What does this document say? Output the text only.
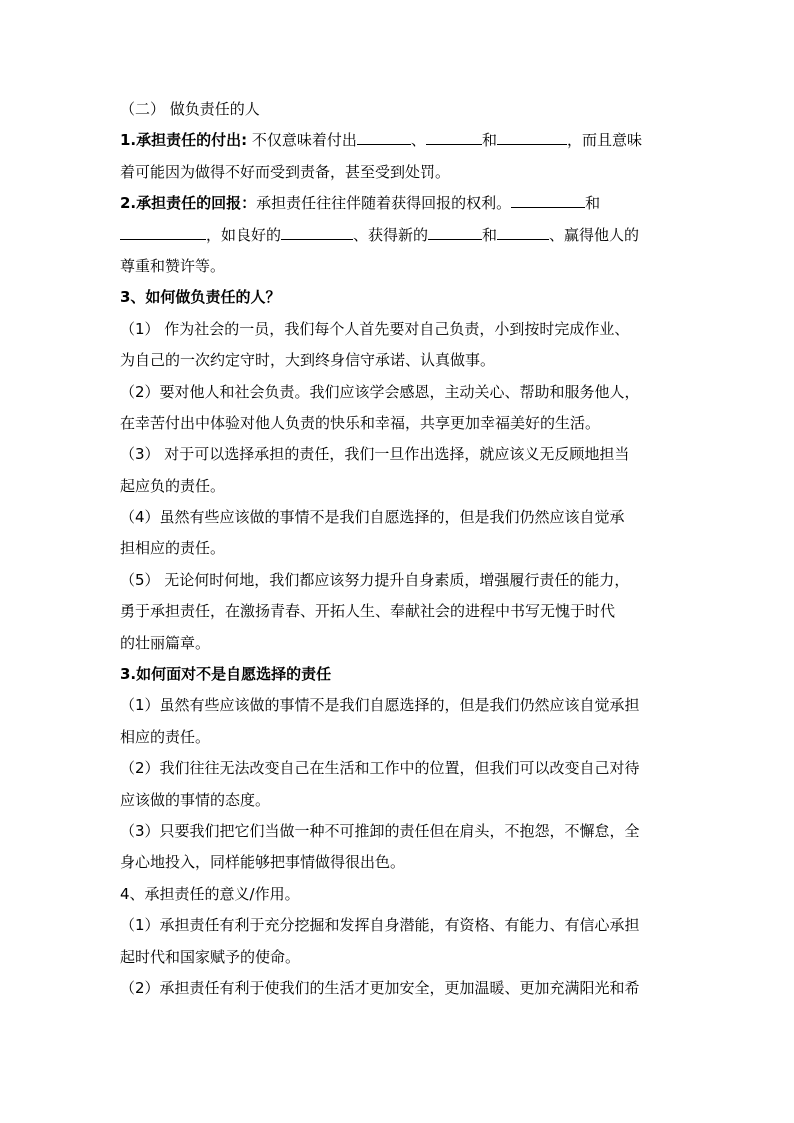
（二） 做负责任的人
1.承担责任的付出: 不仅意味着付出	、	和	，而且意味
着可能因为做得不好而受到责备，甚至受到处罚。
2.承担责任的回报：承担责任往往伴随着获得回报的权利。	和
，如良好的	、获得新的	和	、赢得他人的
尊重和赞许等。
3、如何做负责任的人？
（1） 作为社会的一员，我们每个人首先要对自己负责，小到按时完成作业、
为自己的一次约定守时，大到终身信守承诺、认真做事。
（2）要对他人和社会负责。我们应该学会感恩，主动关心、帮助和服务他人，
在幸苦付出中体验对他人负责的快乐和幸福，共享更加幸福美好的生活。
（3） 对于可以选择承担的责任，我们一旦作出选择，就应该义无反顾地担当
起应负的责任。
（4）虽然有些应该做的事情不是我们自愿选择的，但是我们仍然应该自觉承
担相应的责任。
（5） 无论何时何地，我们都应该努力提升自身素质，增强履行责任的能力，
勇于承担责任，在激扬青春、开拓人生、奉献社会的进程中书写无愧于时代
的壮丽篇章。
3.如何面对不是自愿选择的责任
（1）虽然有些应该做的事情不是我们自愿选择的，但是我们仍然应该自觉承担
相应的责任。
（2）我们往往无法改变自己在生活和工作中的位置，但我们可以改变自己对待
应该做的事情的态度。
（3）只要我们把它们当做一种不可推卸的责任但在肩头，不抱怨，不懈怠，全
身心地投入，同样能够把事情做得很出色。
4、承担责任的意义/作用。
（1）承担责任有利于充分挖掘和发挥自身潜能，有资格、有能力、有信心承担
起时代和国家赋予的使命。
（2）承担责任有利于使我们的生活才更加安全，更加温暖、更加充满阳光和希
